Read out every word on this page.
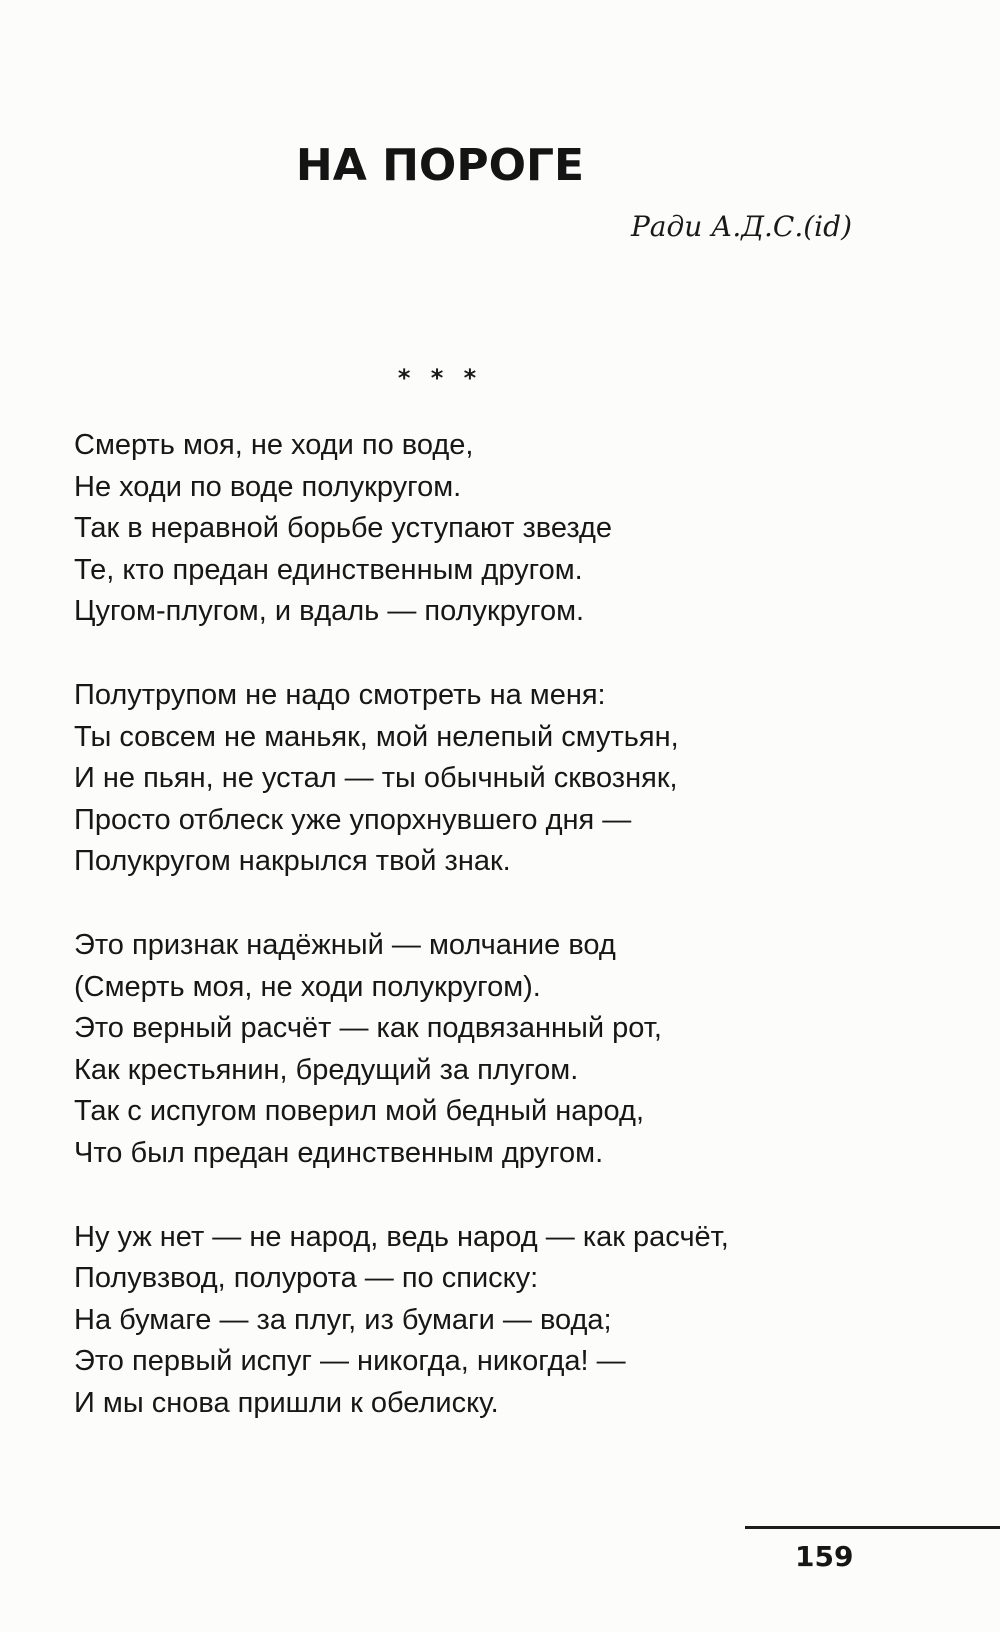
НА ПОРОГЕ
Ради А.Д.С.(id)
* * *
Смерть моя, не ходи по воде,
Не ходи по воде полукругом.
Так в неравной борьбе уступают звезде
Те, кто предан единственным другом.
Цугом-плугом, и вдаль — полукругом.
Полутрупом не надо смотреть на меня:
Ты совсем не маньяк, мой нелепый смутьян,
И не пьян, не устал — ты обычный сквозняк,
Просто отблеск уже упорхнувшего дня —
Полукругом накрылся твой знак.
Это признак надёжный — молчание вод
(Смерть моя, не ходи полукругом).
Это верный расчёт — как подвязанный рот,
Как крестьянин, бредущий за плугом.
Так с испугом поверил мой бедный народ,
Что был предан единственным другом.
Ну уж нет — не народ, ведь народ — как расчёт,
Полувзвод, полурота — по списку:
На бумаге — за плуг, из бумаги — вода;
Это первый испуг — никогда, никогда! —
И мы снова пришли к обелиску.
159
